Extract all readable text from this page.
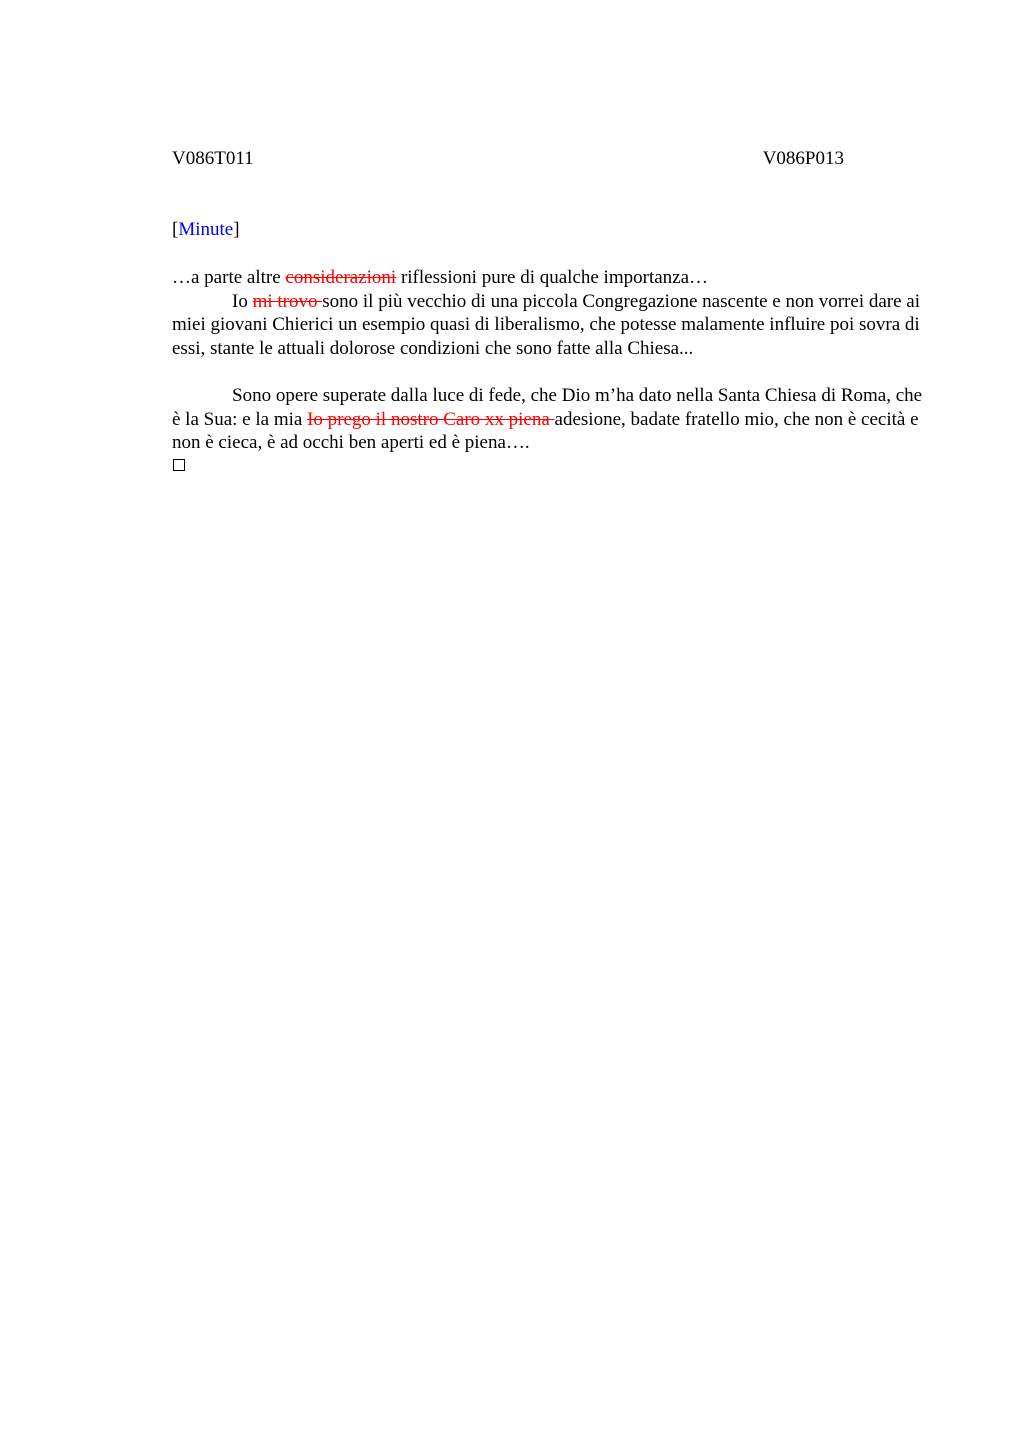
V086T011	V086P013
[Minute]

…a parte altre considerazioni riflessioni pure di qualche importanza…

Io mi trovo sono il più vecchio di una piccola Congregazione nascente e non vorrei dare ai miei giovani Chierici un esempio quasi di liberalismo, che potesse malamente influire poi sovra di essi, stante le attuali dolorose condizioni che sono fatte alla Chiesa...

Sono opere superate dalla luce di fede, che Dio m’ha dato nella Santa Chiesa di Roma, che è la Sua: e la mia Io prego il nostro Caro xx piena adesione, badate fratello mio, che non è cecità e non è cieca, è ad occhi ben aperti ed è piena….
